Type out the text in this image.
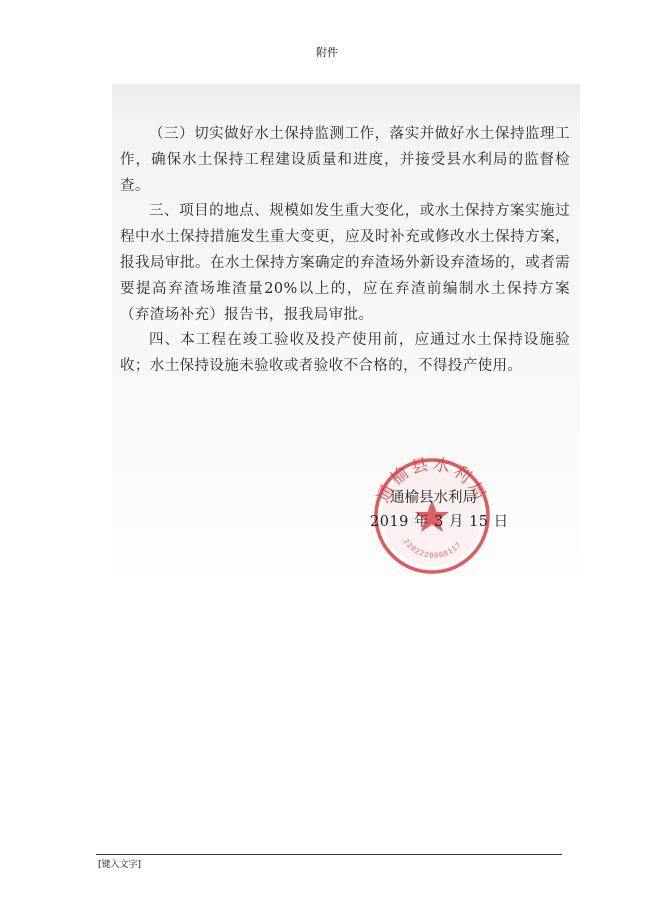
附件

（三）切实做好水土保持监测工作，落实并做好水土保持监理工作，确保水土保持工程建设质量和进度，并接受县水利局的监督检查。

三、项目的地点、规模如发生重大变化，或水土保持方案实施过程中水土保持措施发生重大变更，应及时补充或修改水土保持方案，报我局审批。在水土保持方案确定的弃渣场外新设弃渣场的，或者需要提高弃渣场堆渣量20%以上的，应在弃渣前编制水土保持方案（弃渣场补充）报告书，报我局审批。

四、本工程在竣工验收及投产使用前，应通过水土保持设施验收；水土保持设施未验收或者验收不合格的，不得投产使用。

通榆县水利局
2202220000117
通榆县水利局
2019 年 3 月 15 日
[键入文字]
